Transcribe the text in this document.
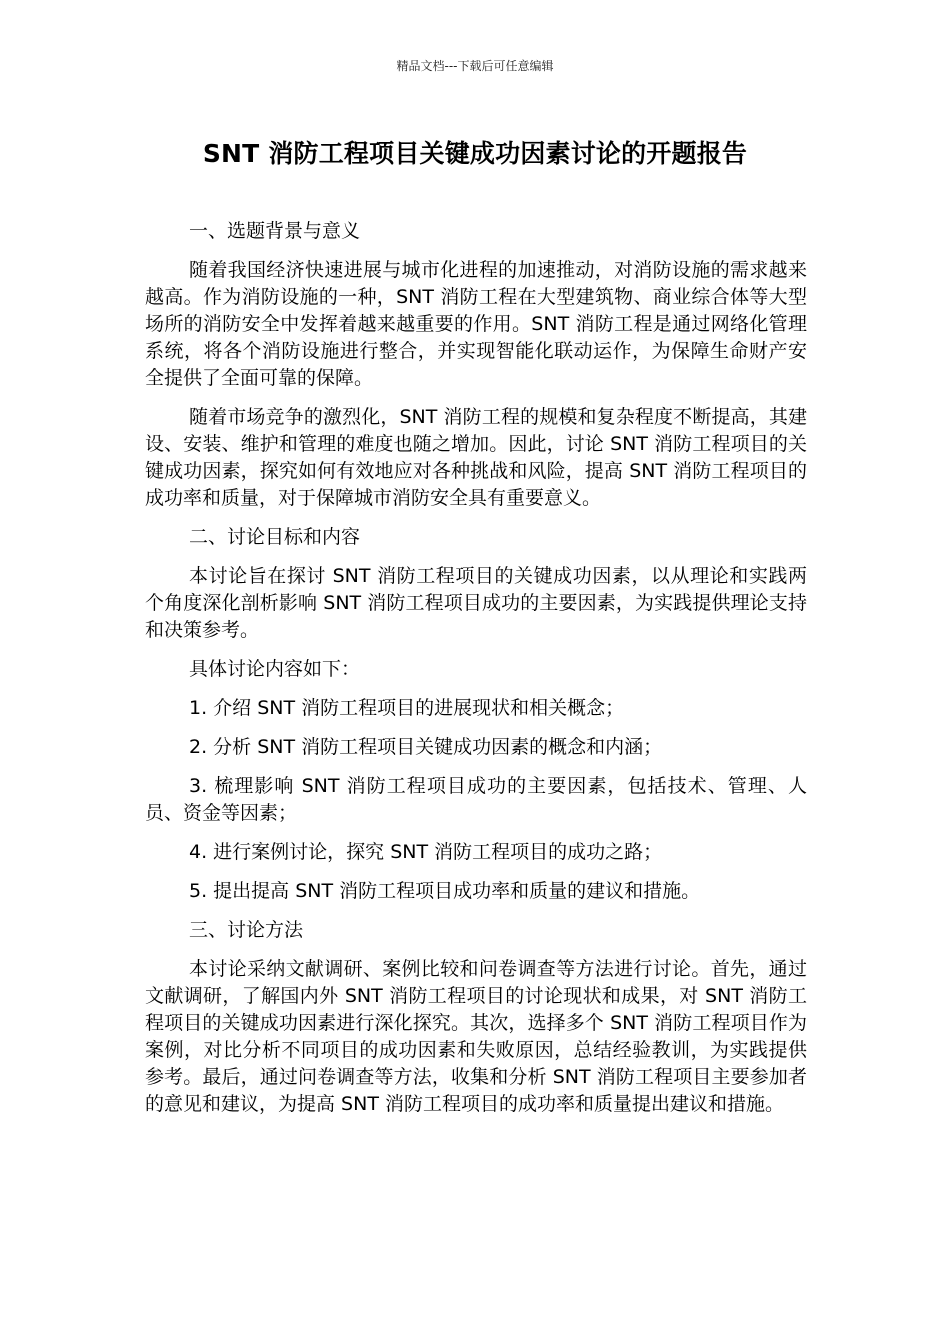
精品文档---下载后可任意编辑
SNT 消防工程项目关键成功因素讨论的开题报告

一、选题背景与意义

随着我国经济快速进展与城市化进程的加速推动，对消防设施的需求越来越高。作为消防设施的一种，SNT 消防工程在大型建筑物、商业综合体等大型场所的消防安全中发挥着越来越重要的作用。SNT 消防工程是通过网络化管理系统，将各个消防设施进行整合，并实现智能化联动运作，为保障生命财产安全提供了全面可靠的保障。

随着市场竞争的激烈化，SNT 消防工程的规模和复杂程度不断提高，其建设、安装、维护和管理的难度也随之增加。因此，讨论 SNT 消防工程项目的关键成功因素，探究如何有效地应对各种挑战和风险，提高 SNT 消防工程项目的成功率和质量，对于保障城市消防安全具有重要意义。

二、讨论目标和内容

本讨论旨在探讨 SNT 消防工程项目的关键成功因素，以从理论和实践两个角度深化剖析影响 SNT 消防工程项目成功的主要因素，为实践提供理论支持和决策参考。

具体讨论内容如下：

1. 介绍 SNT 消防工程项目的进展现状和相关概念；

2. 分析 SNT 消防工程项目关键成功因素的概念和内涵；

3. 梳理影响 SNT 消防工程项目成功的主要因素，包括技术、管理、人员、资金等因素；

4. 进行案例讨论，探究 SNT 消防工程项目的成功之路；

5. 提出提高 SNT 消防工程项目成功率和质量的建议和措施。

三、讨论方法

本讨论采纳文献调研、案例比较和问卷调查等方法进行讨论。首先，通过文献调研，了解国内外 SNT 消防工程项目的讨论现状和成果，对 SNT 消防工程项目的关键成功因素进行深化探究。其次，选择多个 SNT 消防工程项目作为案例，对比分析不同项目的成功因素和失败原因，总结经验教训，为实践提供参考。最后，通过问卷调查等方法，收集和分析 SNT 消防工程项目主要参加者的意见和建议，为提高 SNT 消防工程项目的成功率和质量提出建议和措施。
